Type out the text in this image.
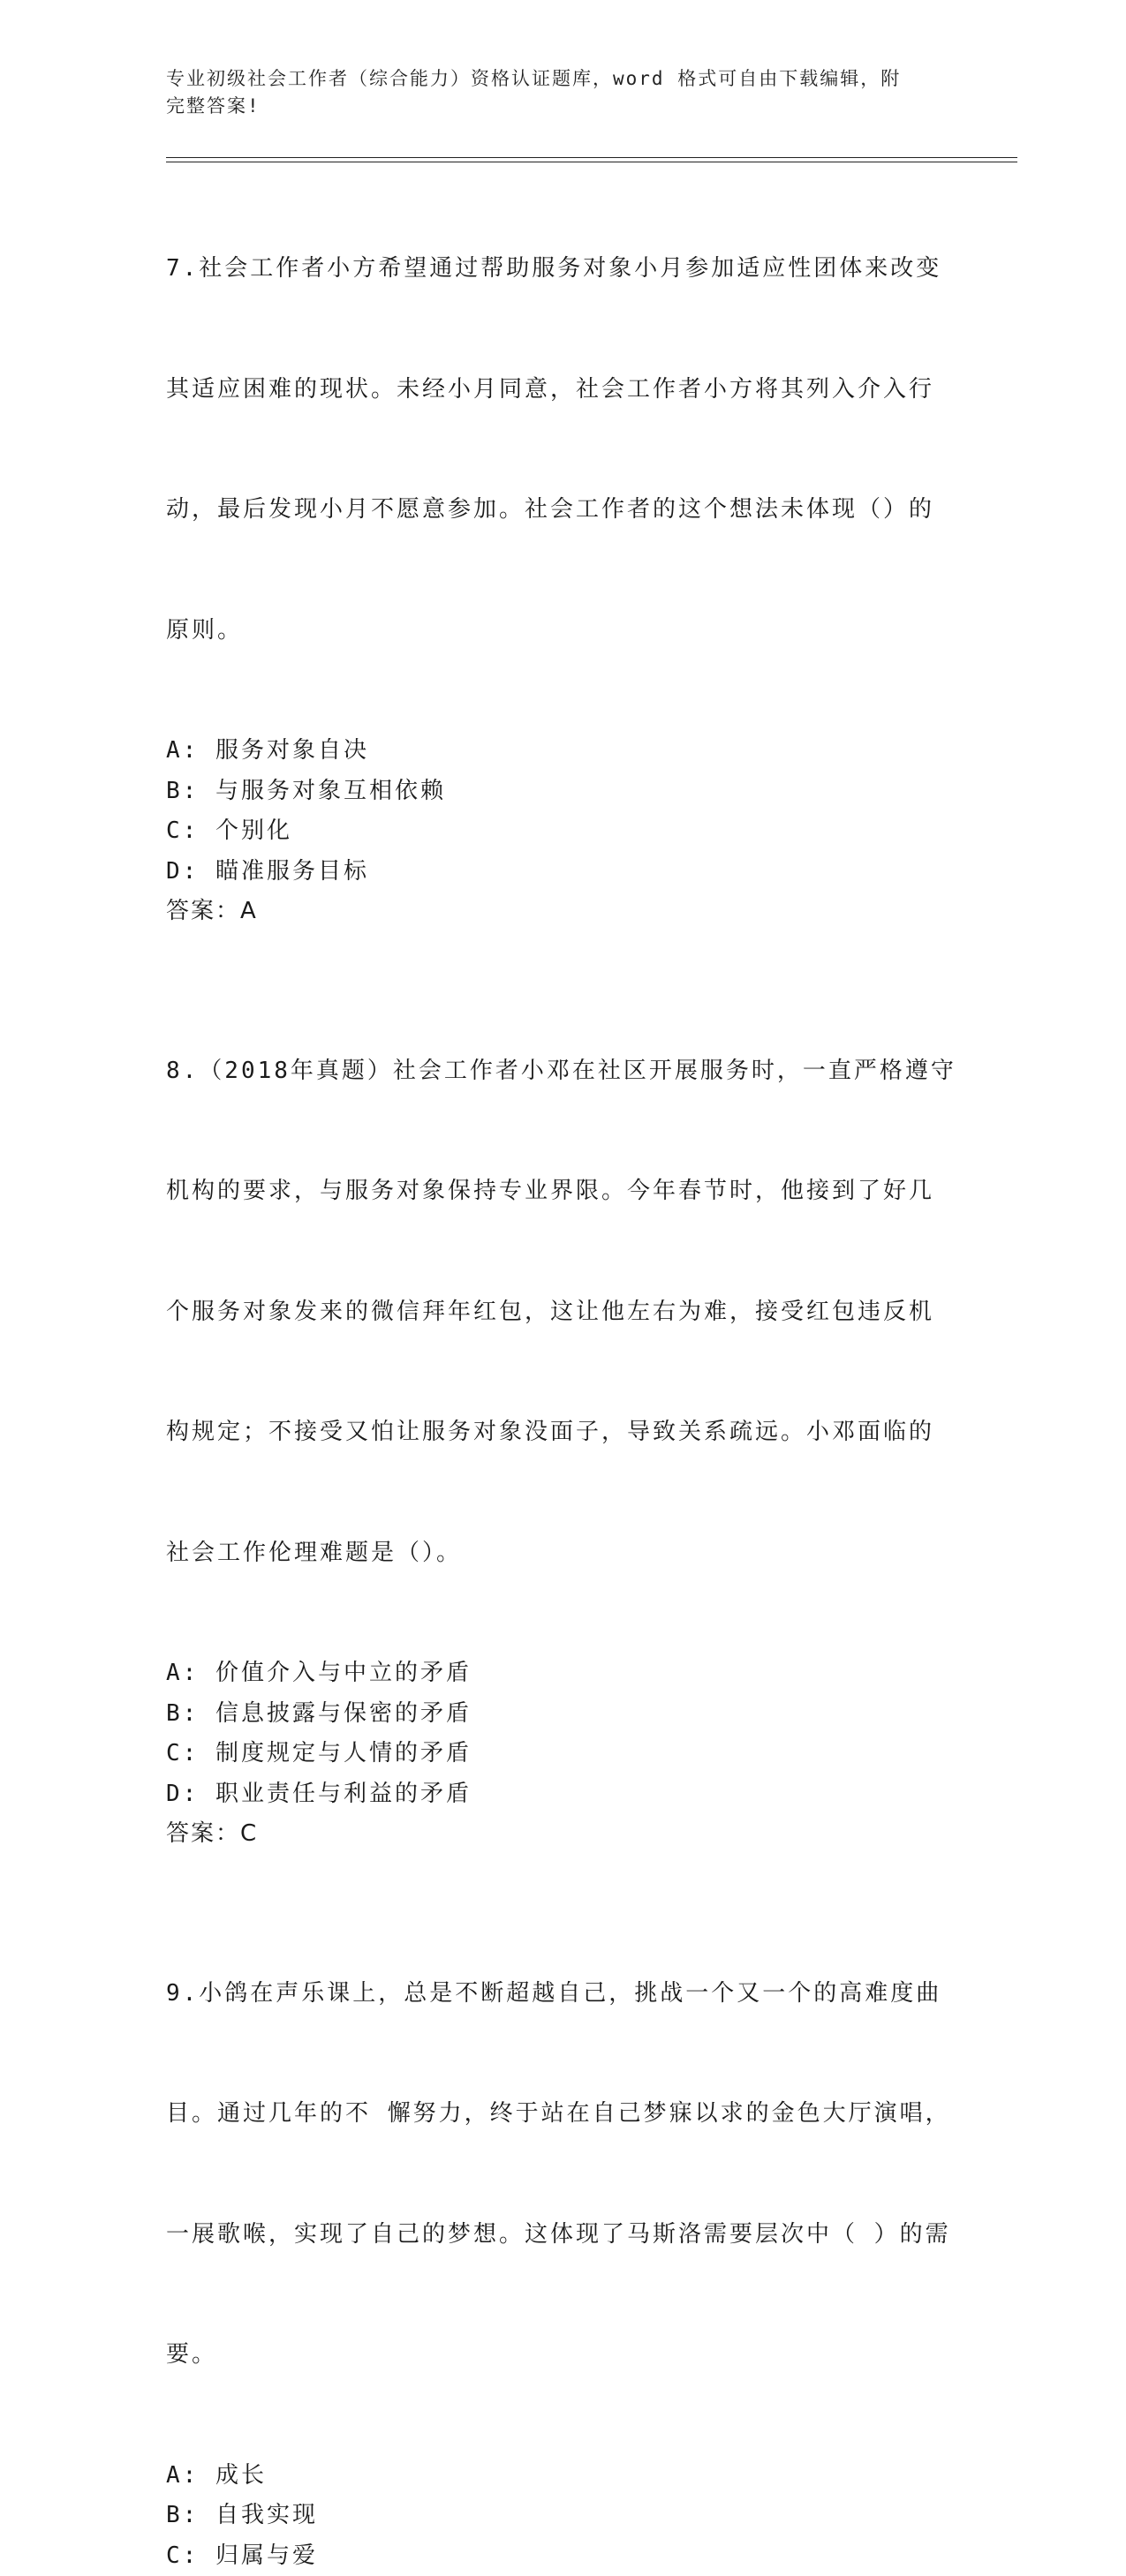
专业初级社会工作者（综合能力）资格认证题库，word 格式可自由下载编辑，附
完整答案!

7.社会工作者小方希望通过帮助服务对象小月参加适应性团体来改变

其适应困难的现状。未经小月同意，社会工作者小方将其列入介入行

动，最后发现小月不愿意参加。社会工作者的这个想法未体现（）的

原则。

A: 服务对象自决
B: 与服务对象互相依赖
C: 个别化
D: 瞄准服务目标
答案：A

8.（2018年真题）社会工作者小邓在社区开展服务时，一直严格遵守

机构的要求，与服务对象保持专业界限。今年春节时，他接到了好几

个服务对象发来的微信拜年红包，这让他左右为难，接受红包违反机

构规定；不接受又怕让服务对象没面子，导致关系疏远。小邓面临的

社会工作伦理难题是（）。

A: 价值介入与中立的矛盾
B: 信息披露与保密的矛盾
C: 制度规定与人情的矛盾
D: 职业责任与利益的矛盾
答案：C

9.小鸽在声乐课上，总是不断超越自己，挑战一个又一个的高难度曲

目。通过几年的不 懈努力，终于站在自己梦寐以求的金色大厅演唱，

一展歌喉，实现了自己的梦想。这体现了马斯洛需要层次中（ ）的需

要。

A: 成长
B: 自我实现
C: 归属与爱
